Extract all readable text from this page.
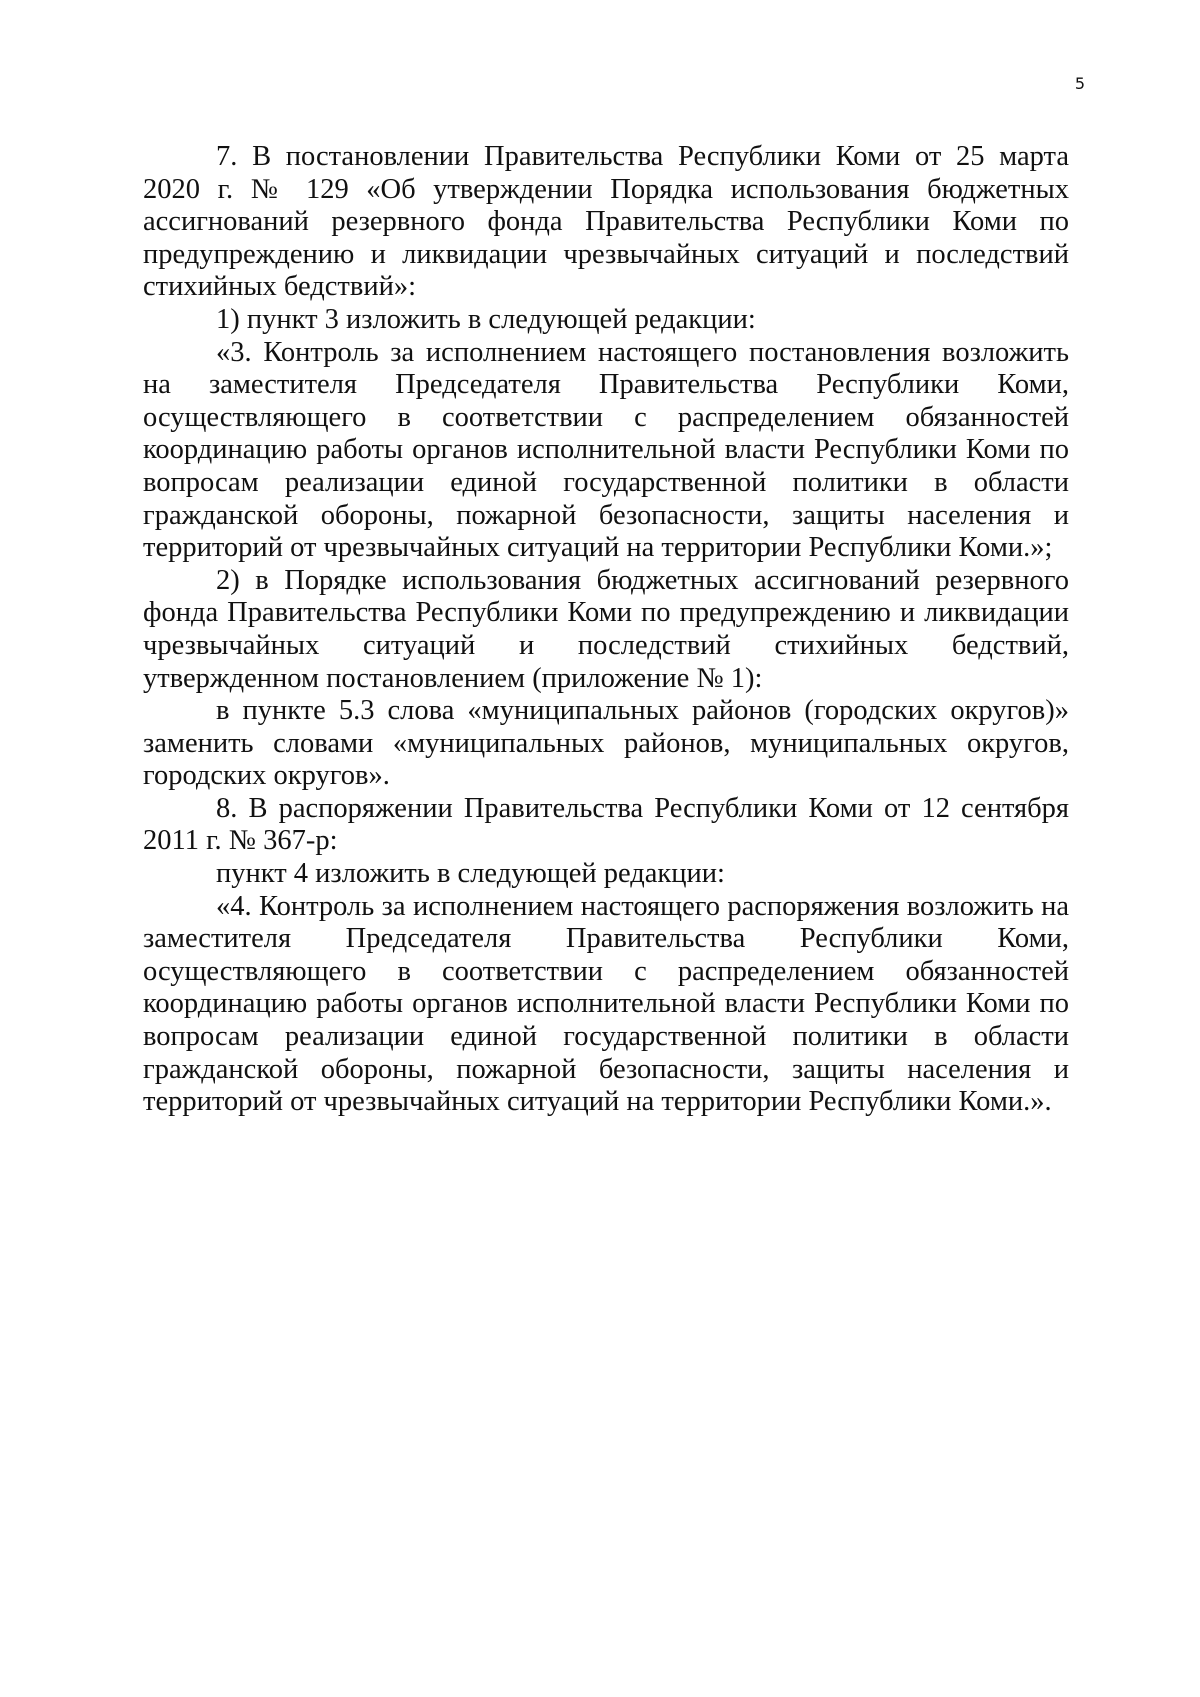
5

7. В постановлении Правительства Республики Коми от 25 марта 2020 г. № 129 «Об утверждении Порядка использования бюджетных ассигнований резервного фонда Правительства Республики Коми по предупреждению и ликвидации чрезвычайных ситуаций и последствий стихийных бедствий»:

1) пункт 3 изложить в следующей редакции:

«3. Контроль за исполнением настоящего постановления возложить на заместителя Председателя Правительства Республики Коми, осуществляющего в соответствии с распределением обязанностей координацию работы органов исполнительной власти Республики Коми по вопросам реализации единой государственной политики в области гражданской обороны, пожарной безопасности, защиты населения и территорий от чрезвычайных ситуаций на территории Республики Коми.»;

2) в Порядке использования бюджетных ассигнований резервного фонда Правительства Республики Коми по предупреждению и ликвидации чрезвычайных ситуаций и последствий стихийных бедствий, утвержденном постановлением (приложение № 1):

в пункте 5.3 слова «муниципальных районов (городских округов)» заменить словами «муниципальных районов, муниципальных округов, городских округов».

8. В распоряжении Правительства Республики Коми от 12 сентября 2011 г. № 367-р:

пункт 4 изложить в следующей редакции:

«4. Контроль за исполнением настоящего распоряжения возложить на заместителя Председателя Правительства Республики Коми, осуществляющего в соответствии с распределением обязанностей координацию работы органов исполнительной власти Республики Коми по вопросам реализации единой государственной политики в области гражданской обороны, пожарной безопасности, защиты населения и территорий от чрезвычайных ситуаций на территории Республики Коми.».
